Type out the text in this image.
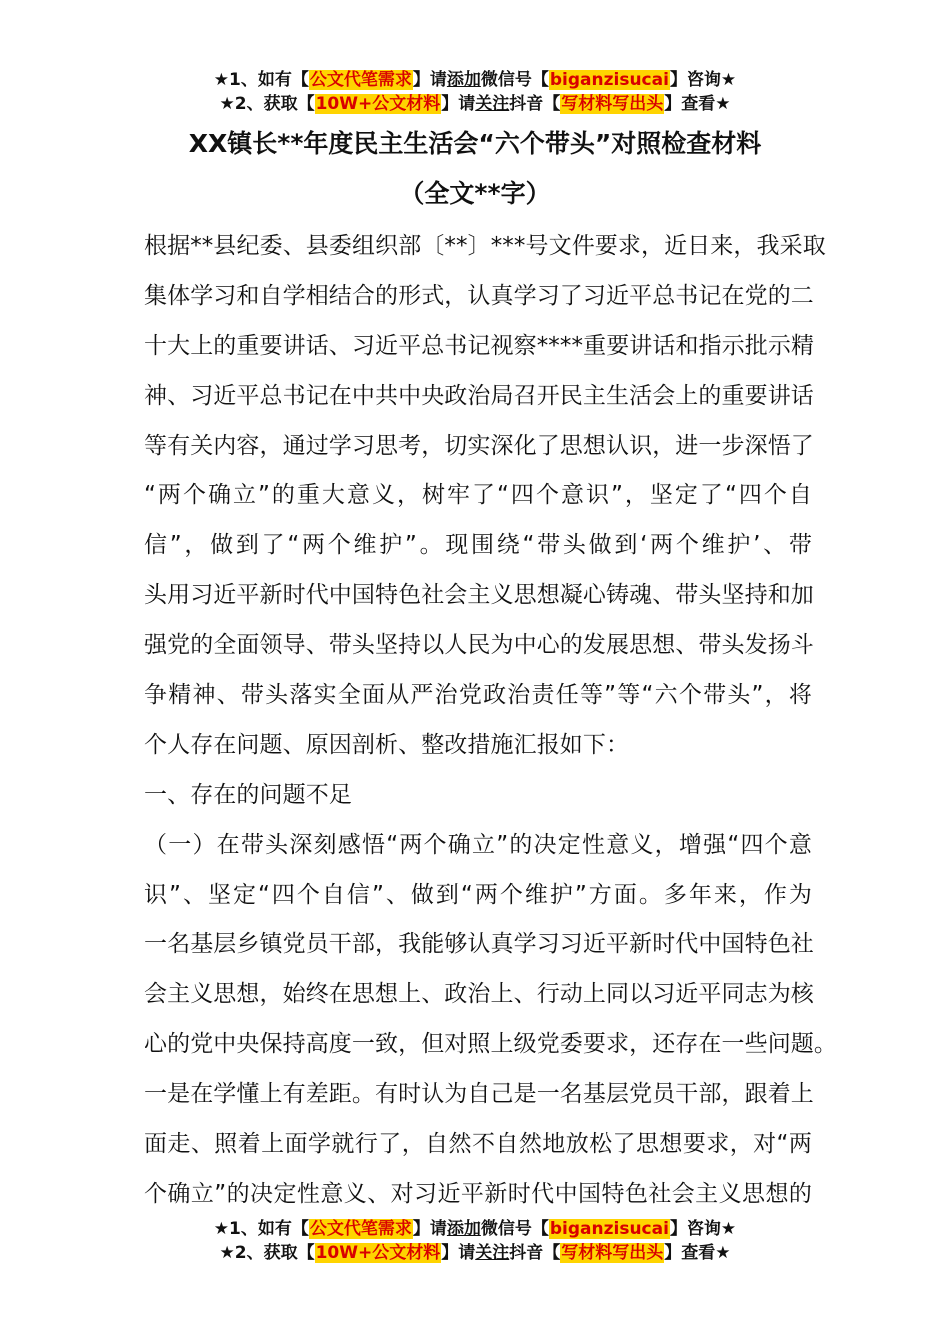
★1、如有【公文代笔需求】请添加微信号【biganzisucai】咨询★
★2、获取【10W+公文材料】请关注抖音【写材料写出头】查看★
XX镇长**年度民主生活会“六个带头”对照检查材料
（全文**字）
根据**县纪委、县委组织部〔**〕***号文件要求，近日来，我采取
集体学习和自学相结合的形式，认真学习了习近平总书记在党的二
十大上的重要讲话、习近平总书记视察****重要讲话和指示批示精
神、习近平总书记在中共中央政治局召开民主生活会上的重要讲话
等有关内容，通过学习思考，切实深化了思想认识，进一步深悟了
“两个确立”的重大意义，树牢了“四个意识”，坚定了“四个自
信”，做到了“两个维护”。现围绕“带头做到‘两个维护’、带
头用习近平新时代中国特色社会主义思想凝心铸魂、带头坚持和加
强党的全面领导、带头坚持以人民为中心的发展思想、带头发扬斗
争精神、带头落实全面从严治党政治责任等”等“六个带头”，将
个人存在问题、原因剖析、整改措施汇报如下：
一、存在的问题不足
（一）在带头深刻感悟“两个确立”的决定性意义，增强“四个意
识”、坚定“四个自信”、做到“两个维护”方面。多年来，作为
一名基层乡镇党员干部，我能够认真学习习近平新时代中国特色社
会主义思想，始终在思想上、政治上、行动上同以习近平同志为核
心的党中央保持高度一致，但对照上级党委要求，还存在一些问题。
一是在学懂上有差距。有时认为自己是一名基层党员干部，跟着上
面走、照着上面学就行了，自然不自然地放松了思想要求，对“两
个确立”的决定性意义、对习近平新时代中国特色社会主义思想的
★1、如有【公文代笔需求】请添加微信号【biganzisucai】咨询★
★2、获取【10W+公文材料】请关注抖音【写材料写出头】查看★
